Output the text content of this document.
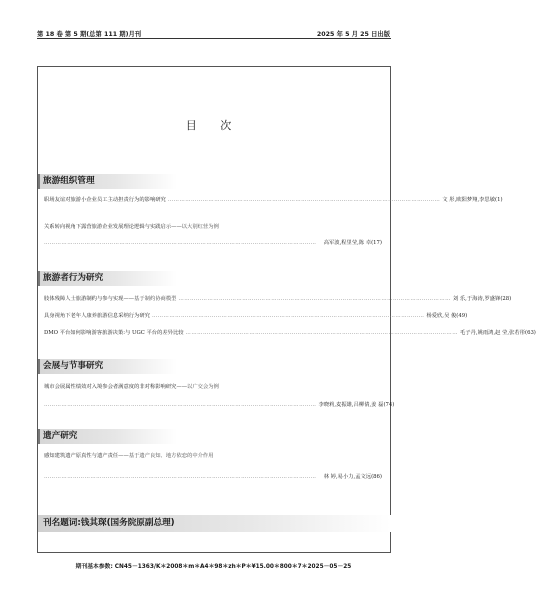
第 18 卷 第 5 期(总第 111 期)月刊	2025 年 5 月 25 日出版
目 次
旅游组织管理
职场友谊对旅游小企业员工主动担责行为的影响研究 …………………………………………………………………………………………………………………………… 文 彤,欧阳梦翔,李思敏(1)
关系转向视角下露营旅游企业发展理论逻辑与实践启示——以大别红营为例
……………………………………………………………………………………………………………………………	高军波,程里莹,陈 卓(17)
旅游者行为研究
肢体残障人士旅游制约与参与实现 ——基于制约协商模型 …………………………………………………………………………………………………………………………… 刘 乐,于海涛,罗盛锋(28)
具身视角下老年人康养旅游信息采纳行为研究 …………………………………………………………………………………………………………………………… 杨爱欣,吴 俊(49)
DMO 平台如何影响游客旅游决策:与 UGC 平台的差异比较 …………………………………………………………………………………………………………………………… 毛子丹,姚雨鸿,赵 莹,张若彤(63)
会展与节事研究
城市会展属性绩效对入境参会者满意度的非对称影响研究——以广交会为例
…………………………………………………………………………………………………………………………… 李晓莉,麦振雄,吕柳倩,姜 磊(74)
遗产研究
感知建筑遗产原真性与遗产责任——基于遗产良知、地方依恋的中介作用
……………………………………………………………………………………………………………………………	林 婷,易小力,孟文远(86)
刊名题词:钱其琛(国务院原副总理)
期刊基本参数: CN45－1363/K＊2008＊m＊A4＊98＊zh＊P＊¥15.00＊800＊7＊2025－05－25
